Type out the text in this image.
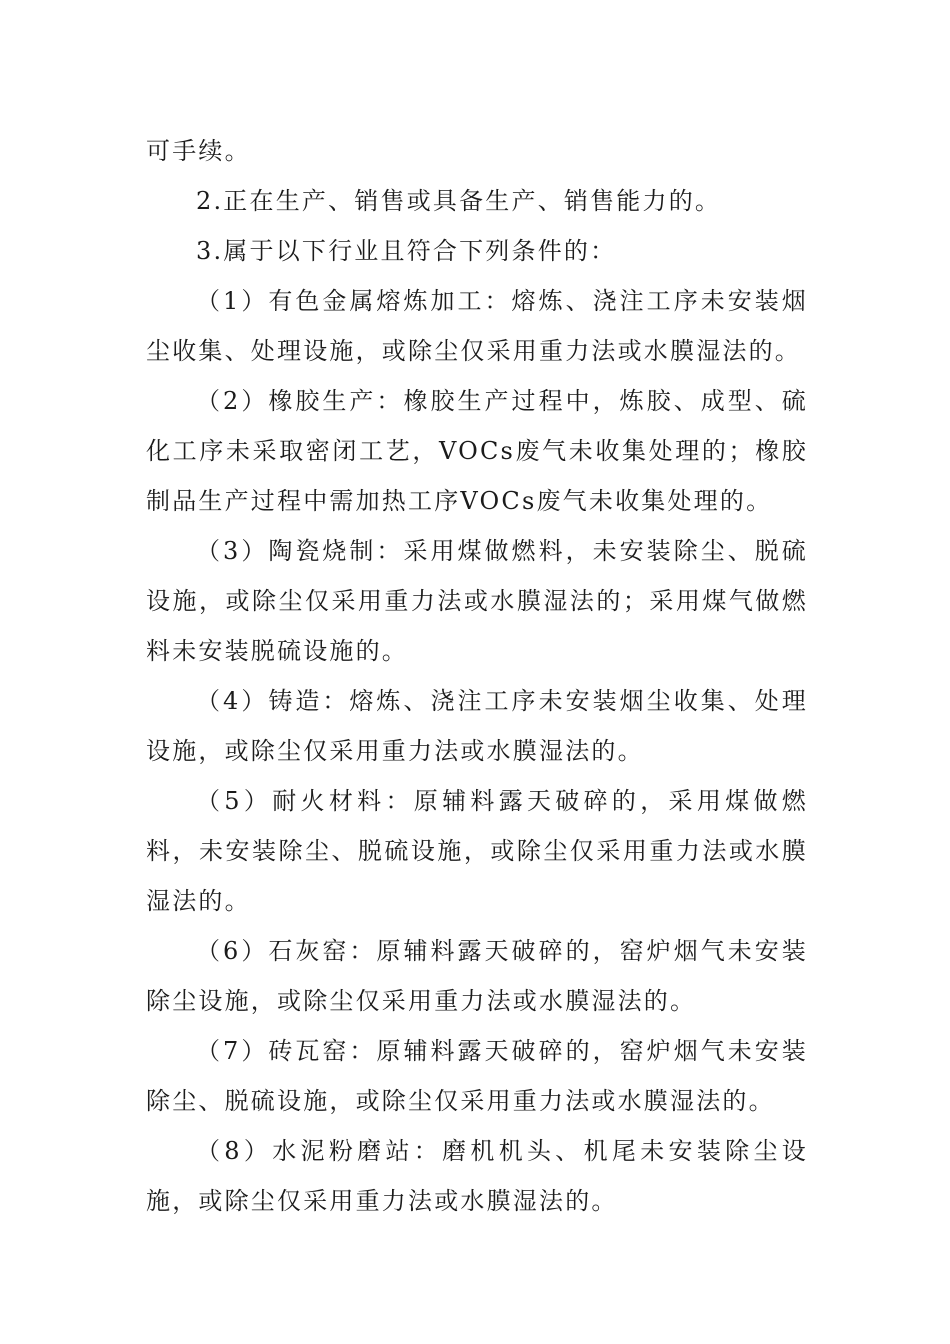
可手续。

2.正在生产、销售或具备生产、销售能力的。

3.属于以下行业且符合下列条件的：

（1）有色金属熔炼加工：熔炼、浇注工序未安装烟尘收集、处理设施，或除尘仅采用重力法或水膜湿法的。

（2）橡胶生产：橡胶生产过程中，炼胶、成型、硫化工序未采取密闭工艺，VOCs废气未收集处理的；橡胶制品生产过程中需加热工序VOCs废气未收集处理的。

（3）陶瓷烧制：采用煤做燃料，未安装除尘、脱硫设施，或除尘仅采用重力法或水膜湿法的；采用煤气做燃料未安装脱硫设施的。

（4）铸造：熔炼、浇注工序未安装烟尘收集、处理设施，或除尘仅采用重力法或水膜湿法的。

（5）耐火材料：原辅料露天破碎的，采用煤做燃料，未安装除尘、脱硫设施，或除尘仅采用重力法或水膜湿法的。

（6）石灰窑：原辅料露天破碎的，窑炉烟气未安装除尘设施，或除尘仅采用重力法或水膜湿法的。

（7）砖瓦窑：原辅料露天破碎的，窑炉烟气未安装除尘、脱硫设施，或除尘仅采用重力法或水膜湿法的。

（8）水泥粉磨站：磨机机头、机尾未安装除尘设施，或除尘仅采用重力法或水膜湿法的。
